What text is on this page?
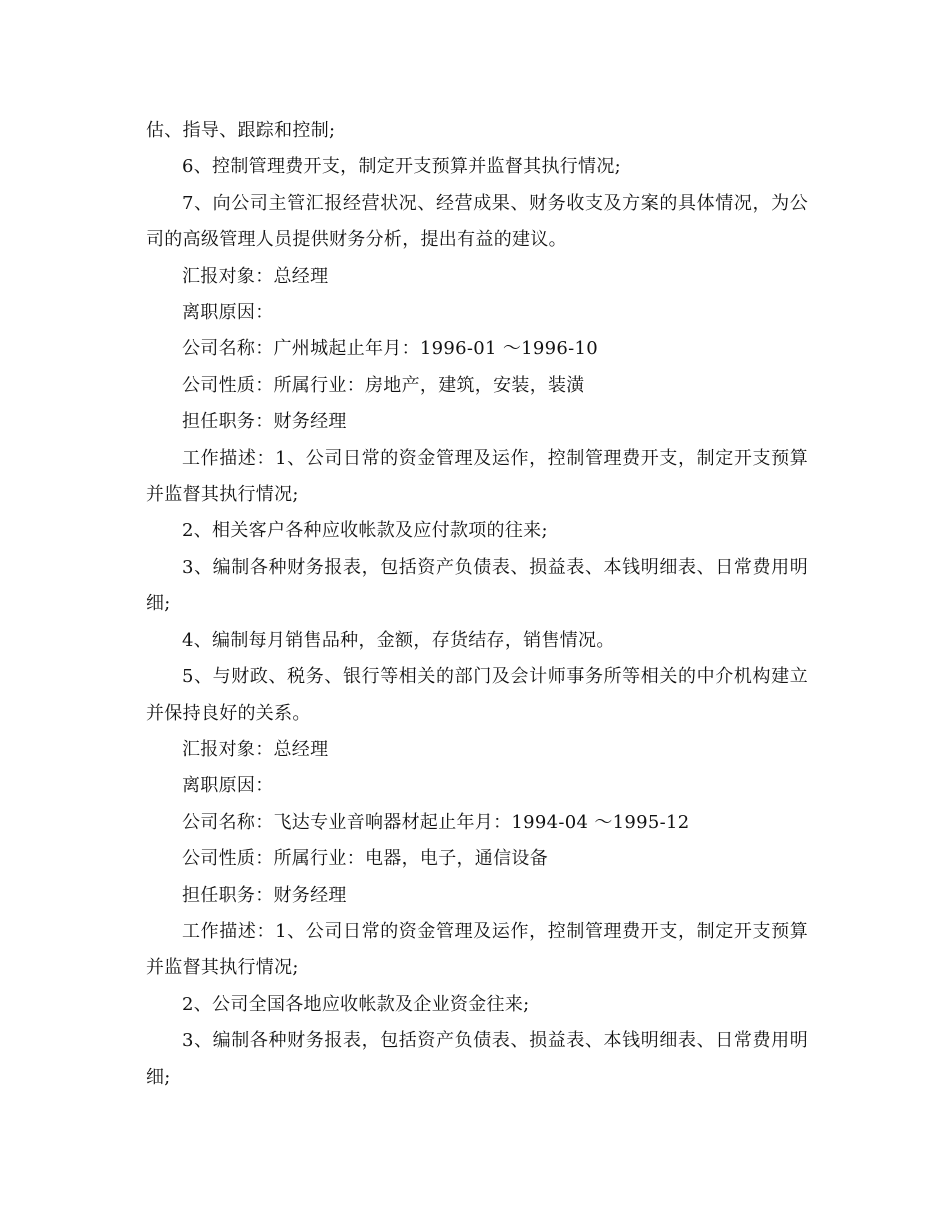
估、指导、跟踪和控制;

6、控制管理费开支，制定开支预算并监督其执行情况;

7、向公司主管汇报经营状况、经营成果、财务收支及方案的具体情况，为公司的高级管理人员提供财务分析，提出有益的建议。

汇报对象：总经理

离职原因：

公司名称：广州城起止年月：1996-01 ～1996-10

公司性质：所属行业：房地产，建筑，安装，装潢

担任职务：财务经理

工作描述：1、公司日常的资金管理及运作，控制管理费开支，制定开支预算并监督其执行情况;

2、相关客户各种应收帐款及应付款项的往来;

3、编制各种财务报表，包括资产负债表、损益表、本钱明细表、日常费用明细;

4、编制每月销售品种，金额，存货结存，销售情况。

5、与财政、税务、银行等相关的部门及会计师事务所等相关的中介机构建立并保持良好的关系。

汇报对象：总经理

离职原因：

公司名称：飞达专业音响器材起止年月：1994-04 ～1995-12

公司性质：所属行业：电器，电子，通信设备

担任职务：财务经理

工作描述：1、公司日常的资金管理及运作，控制管理费开支，制定开支预算并监督其执行情况;

2、公司全国各地应收帐款及企业资金往来;

3、编制各种财务报表，包括资产负债表、损益表、本钱明细表、日常费用明细;
